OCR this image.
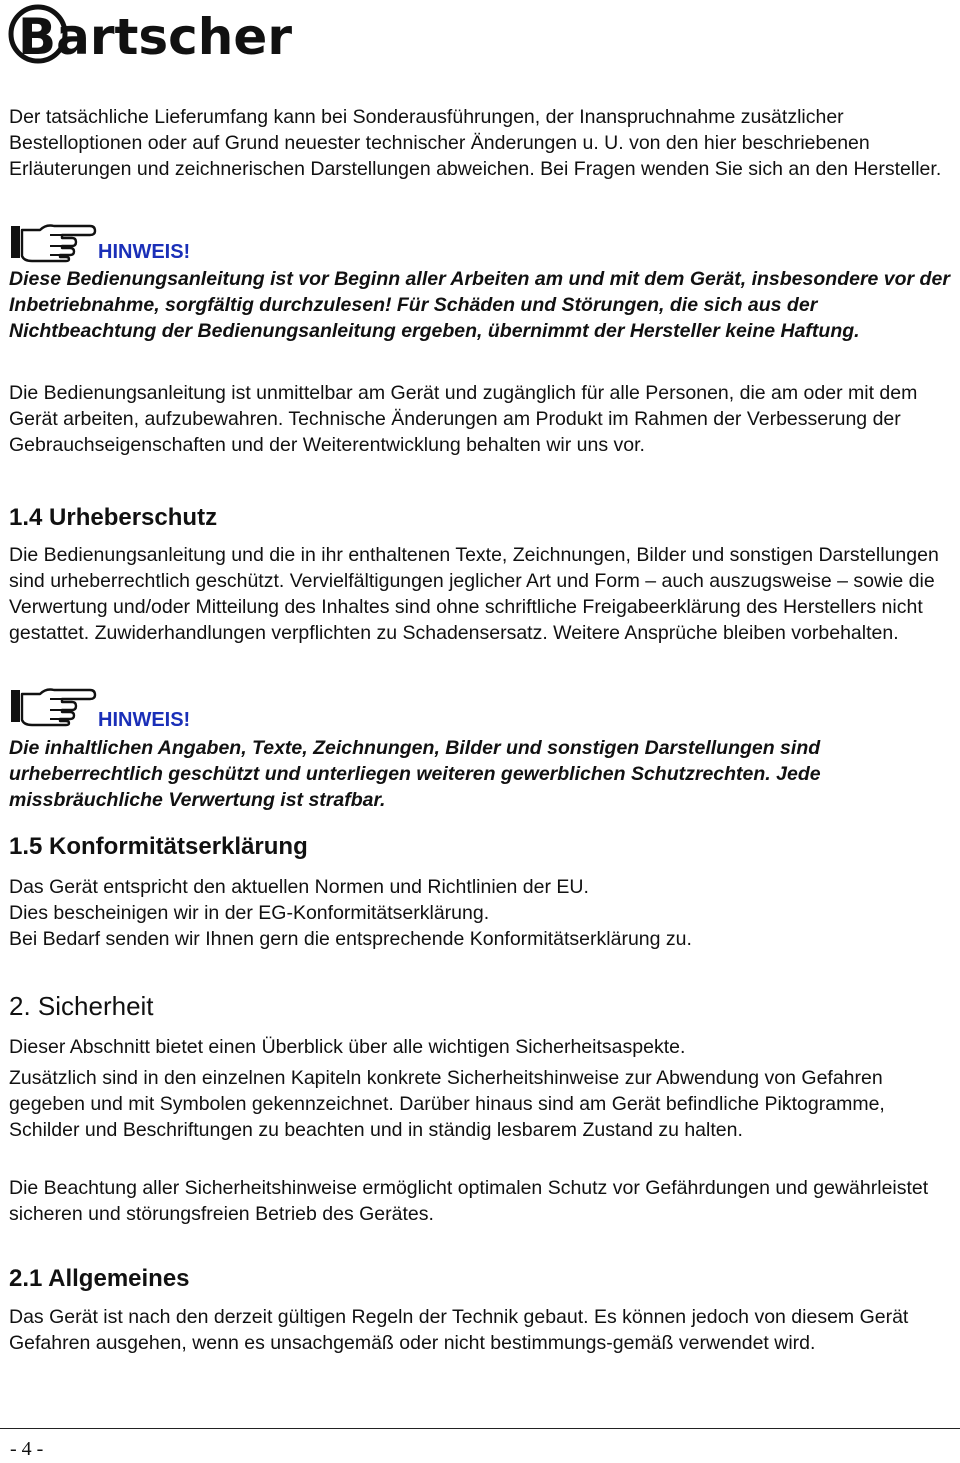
Bartscher

Der tatsächliche Lieferumfang kann bei Sonderausführungen, der Inanspruchnahme zusätzlicher Bestelloptionen oder auf Grund neuester technischer Änderungen u. U. von den hier beschriebenen Erläuterungen und zeichnerischen Darstellungen abweichen. Bei Fragen wenden Sie sich an den Hersteller.

HINWEIS!

Diese Bedienungsanleitung ist vor Beginn aller Arbeiten am und mit dem Gerät, insbesondere vor der Inbetriebnahme, sorgfältig durchzulesen! Für Schäden und Störungen, die sich aus der Nichtbeachtung der Bedienungsanleitung ergeben, übernimmt der Hersteller keine Haftung.

Die Bedienungsanleitung ist unmittelbar am Gerät und zugänglich für alle Personen, die am oder mit dem Gerät arbeiten, aufzubewahren. Technische Änderungen am Produkt im Rahmen der Verbesserung der Gebrauchseigenschaften und der Weiterentwicklung behalten wir uns vor.

1.4 Urheberschutz

Die Bedienungsanleitung und die in ihr enthaltenen Texte, Zeichnungen, Bilder und sonstigen Darstellungen sind urheberrechtlich geschützt. Vervielfältigungen jeglicher Art und Form – auch auszugsweise – sowie die Verwertung und/oder Mitteilung des Inhaltes sind ohne schriftliche Freigabeerklärung des Herstellers nicht gestattet. Zuwiderhandlungen verpflichten zu Schadensersatz. Weitere Ansprüche bleiben vorbehalten.

HINWEIS!

Die inhaltlichen Angaben, Texte, Zeichnungen, Bilder und sonstigen Darstellungen sind urheberrechtlich geschützt und unterliegen weiteren gewerblichen Schutzrechten. Jede missbräuchliche Verwertung ist strafbar.

1.5 Konformitätserklärung

Das Gerät entspricht den aktuellen Normen und Richtlinien der EU.

Dies bescheinigen wir in der EG-Konformitätserklärung.

Bei Bedarf senden wir Ihnen gern die entsprechende Konformitätserklärung zu.

2. Sicherheit

Dieser Abschnitt bietet einen Überblick über alle wichtigen Sicherheitsaspekte.

Zusätzlich sind in den einzelnen Kapiteln konkrete Sicherheitshinweise zur Abwendung von Gefahren gegeben und mit Symbolen gekennzeichnet. Darüber hinaus sind am Gerät befindliche Piktogramme, Schilder und Beschriftungen zu beachten und in ständig lesbarem Zustand zu halten.

Die Beachtung aller Sicherheitshinweise ermöglicht optimalen Schutz vor Gefährdungen und gewährleistet sicheren und störungsfreien Betrieb des Gerätes.

2.1 Allgemeines

Das Gerät ist nach den derzeit gültigen Regeln der Technik gebaut. Es können jedoch von diesem Gerät Gefahren ausgehen, wenn es unsachgemäß oder nicht bestimmungs-gemäß verwendet wird.

- 4 -
